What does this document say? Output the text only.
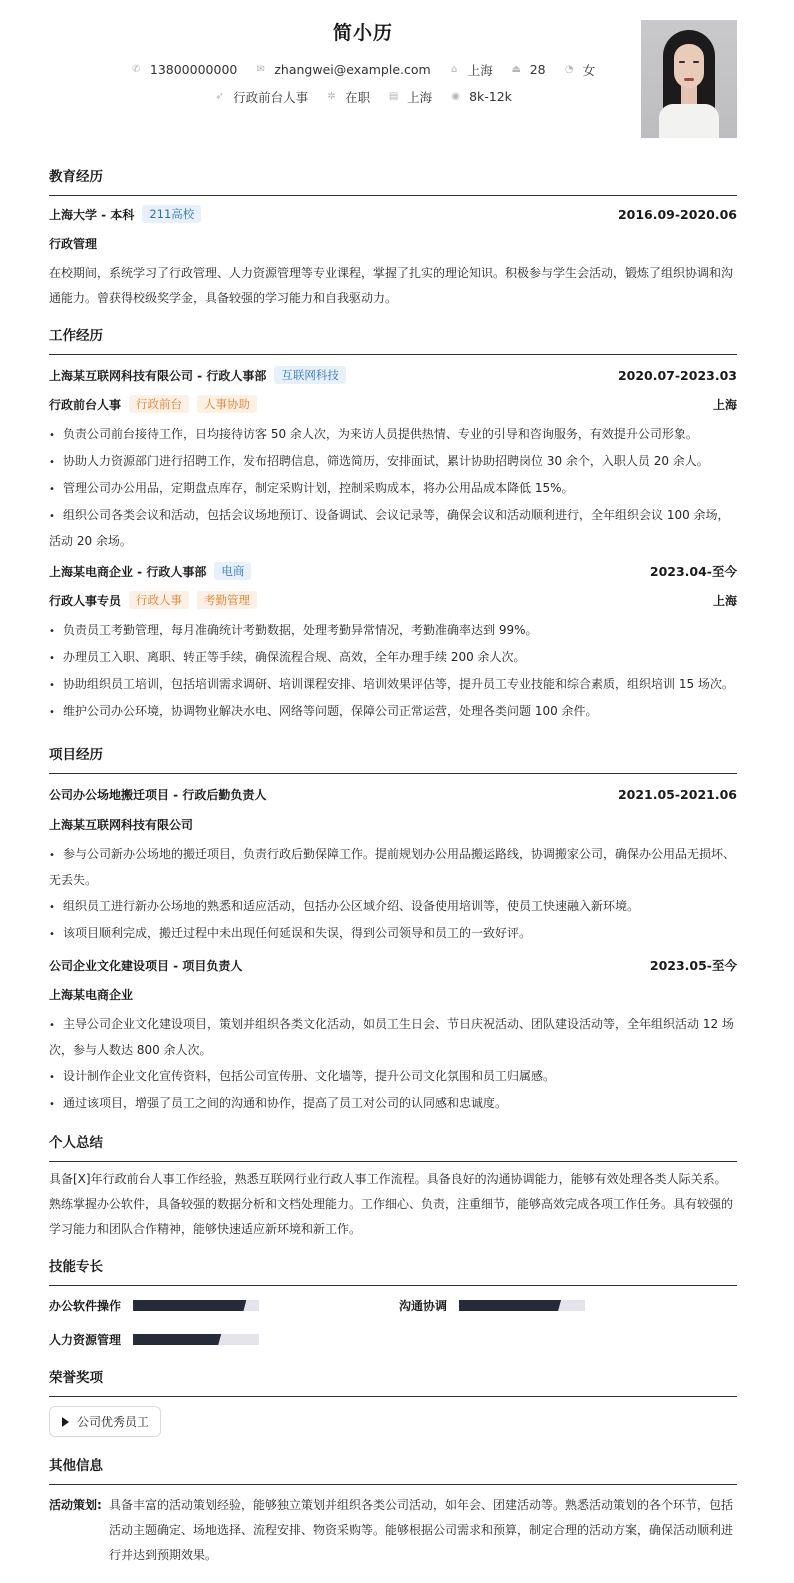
简小历
✆ 13800000000
✉ zhangwei@example.com
⌂ 上海
⏏ 28
◔ 女
➶ 行政前台人事
✲ 在职
▤ 上海
◉ 8k-12k
教育经历
上海大学 - 本科	211高校	2016.09-2020.06
行政管理
在校期间，系统学习了行政管理、人力资源管理等专业课程，掌握了扎实的理论知识。积极参与学生会活动，锻炼了组织协调和沟通能力。曾获得校级奖学金，具备较强的学习能力和自我驱动力。
工作经历
上海某互联网科技有限公司 - 行政人事部	互联网科技	2020.07-2023.03
行政前台人事	行政前台	人事协助	上海
• 负责公司前台接待工作，日均接待访客 50 余人次，为来访人员提供热情、专业的引导和咨询服务，有效提升公司形象。
• 协助人力资源部门进行招聘工作，发布招聘信息，筛选简历，安排面试，累计协助招聘岗位 30 余个，入职人员 20 余人。
• 管理公司办公用品，定期盘点库存，制定采购计划，控制采购成本，将办公用品成本降低 15%。
• 组织公司各类会议和活动，包括会议场地预订、设备调试、会议记录等，确保会议和活动顺利进行，全年组织会议 100 余场，活动 20 余场。
上海某电商企业 - 行政人事部	电商	2023.04-至今
行政人事专员	行政人事	考勤管理	上海
• 负责员工考勤管理，每月准确统计考勤数据，处理考勤异常情况，考勤准确率达到 99%。
• 办理员工入职、离职、转正等手续，确保流程合规、高效，全年办理手续 200 余人次。
• 协助组织员工培训，包括培训需求调研、培训课程安排、培训效果评估等，提升员工专业技能和综合素质，组织培训 15 场次。
• 维护公司办公环境，协调物业解决水电、网络等问题，保障公司正常运营，处理各类问题 100 余件。
项目经历
公司办公场地搬迁项目 - 行政后勤负责人	2021.05-2021.06
上海某互联网科技有限公司
• 参与公司新办公场地的搬迁项目，负责行政后勤保障工作。提前规划办公用品搬运路线，协调搬家公司，确保办公用品无损坏、无丢失。
• 组织员工进行新办公场地的熟悉和适应活动，包括办公区域介绍、设备使用培训等，使员工快速融入新环境。
• 该项目顺利完成，搬迁过程中未出现任何延误和失误，得到公司领导和员工的一致好评。
公司企业文化建设项目 - 项目负责人	2023.05-至今
上海某电商企业
• 主导公司企业文化建设项目，策划并组织各类文化活动，如员工生日会、节日庆祝活动、团队建设活动等，全年组织活动 12 场次，参与人数达 800 余人次。
• 设计制作企业文化宣传资料，包括公司宣传册、文化墙等，提升公司文化氛围和员工归属感。
• 通过该项目，增强了员工之间的沟通和协作，提高了员工对公司的认同感和忠诚度。
个人总结
具备[X]年行政前台人事工作经验，熟悉互联网行业行政人事工作流程。具备良好的沟通协调能力，能够有效处理各类人际关系。熟练掌握办公软件，具备较强的数据分析和文档处理能力。工作细心、负责，注重细节，能够高效完成各项工作任务。具有较强的学习能力和团队合作精神，能够快速适应新环境和新工作。
技能专长
办公软件操作	沟通协调
人力资源管理
荣誉奖项
公司优秀员工
其他信息
活动策划: 具备丰富的活动策划经验，能够独立策划并组织各类公司活动，如年会、团建活动等。熟悉活动策划的各个环节，包括活动主题确定、场地选择、流程安排、物资采购等。能够根据公司需求和预算，制定合理的活动方案，确保活动顺利进行并达到预期效果。
